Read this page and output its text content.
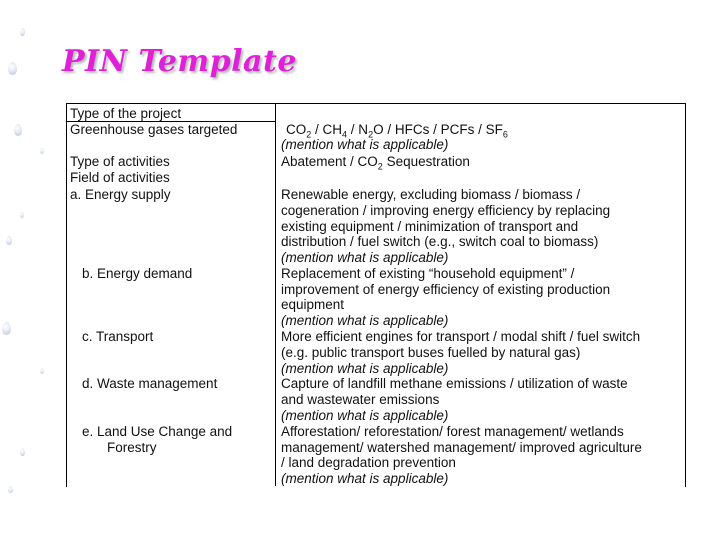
PIN Template
Type of the project
Greenhouse gases targeted
Type of activities
Field of activities
a. Energy supply
b. Energy demand
c. Transport
d. Waste management
e. Land Use Change and
Forestry
$CO_2 / CH_4 / N_2O$ / HFCs / PCFs / $SF_6$
(mention what is applicable)
Abatement / $CO_2$ Sequestration
Renewable energy, excluding biomass / biomass /
cogeneration / improving energy efficiency by replacing
existing equipment / minimization of transport and
distribution / fuel switch (e.g., switch coal to biomass)
(mention what is applicable)
Replacement of existing “household equipment” /
improvement of energy efficiency of existing production
equipment
(mention what is applicable)
More efficient engines for transport / modal shift / fuel switch
(e.g. public transport buses fuelled by natural gas)
(mention what is applicable)
Capture of landfill methane emissions / utilization of waste
and wastewater emissions
(mention what is applicable)
Afforestation/ reforestation/ forest management/ wetlands
management/ watershed management/ improved agriculture
/ land degradation prevention
(mention what is applicable)
